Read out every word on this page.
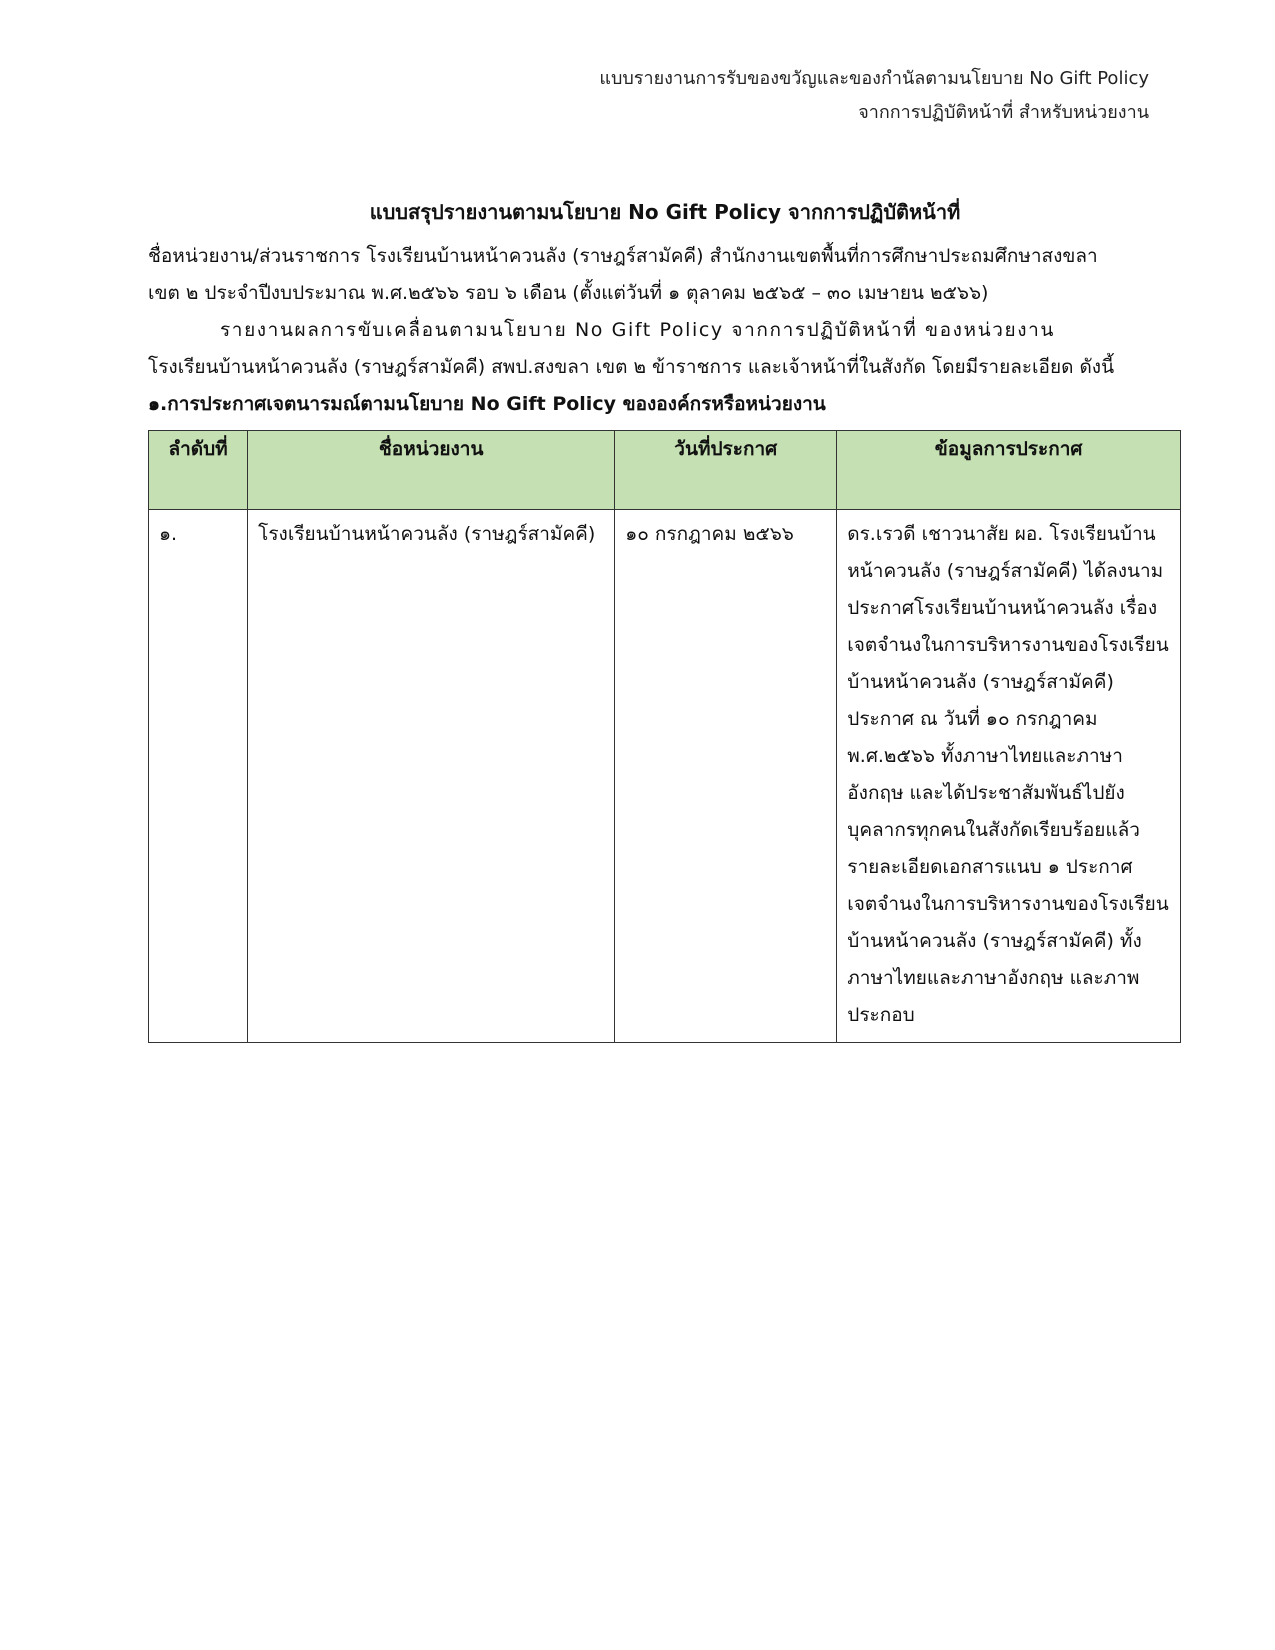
แบบรายงานการรับของขวัญและของกำนัลตามนโยบาย No Gift Policy
จากการปฏิบัติหน้าที่ สำหรับหน่วยงาน
แบบสรุปรายงานตามนโยบาย No Gift Policy จากการปฏิบัติหน้าที่
ชื่อหน่วยงาน/ส่วนราชการ โรงเรียนบ้านหน้าควนลัง (ราษฎร์สามัคคี) สำนักงานเขตพื้นที่การศึกษาประถมศึกษาสงขลา
เขต ๒ ประจำปีงบประมาณ พ.ศ.๒๕๖๖ รอบ ๖ เดือน (ตั้งแต่วันที่ ๑ ตุลาคม ๒๕๖๕ – ๓๐ เมษายน ๒๕๖๖)
รายงานผลการขับเคลื่อนตามนโยบาย No Gift Policy จากการปฏิบัติหน้าที่ ของหน่วยงาน
โรงเรียนบ้านหน้าควนลัง (ราษฎร์สามัคคี) สพป.สงขลา เขต ๒ ข้าราชการ และเจ้าหน้าที่ในสังกัด โดยมีรายละเอียด ดังนี้
๑.การประกาศเจตนารมณ์ตามนโยบาย No Gift Policy ขององค์กรหรือหน่วยงาน
ลำดับที่	ชื่อหน่วยงาน	วันที่ประกาศ	ข้อมูลการประกาศ
๑.	โรงเรียนบ้านหน้าควนลัง (ราษฎร์สามัคคี)	๑๐ กรกฎาคม ๒๕๖๖	ดร.เรวดี เชาวนาสัย ผอ. โรงเรียนบ้านหน้าควนลัง (ราษฎร์สามัคคี) ได้ลงนามประกาศโรงเรียนบ้านหน้าควนลัง เรื่อง เจตจำนงในการบริหารงานของโรงเรียนบ้านหน้าควนลัง (ราษฎร์สามัคคี) ประกาศ ณ วันที่ ๑๐ กรกฎาคม พ.ศ.๒๕๖๖ ทั้งภาษาไทยและภาษาอังกฤษ และได้ประชาสัมพันธ์ไปยังบุคลากรทุกคนในสังกัดเรียบร้อยแล้ว รายละเอียดเอกสารแนบ ๑ ประกาศเจตจำนงในการบริหารงานของโรงเรียนบ้านหน้าควนลัง (ราษฎร์สามัคคี) ทั้งภาษาไทยและภาษาอังกฤษ และภาพประกอบ
